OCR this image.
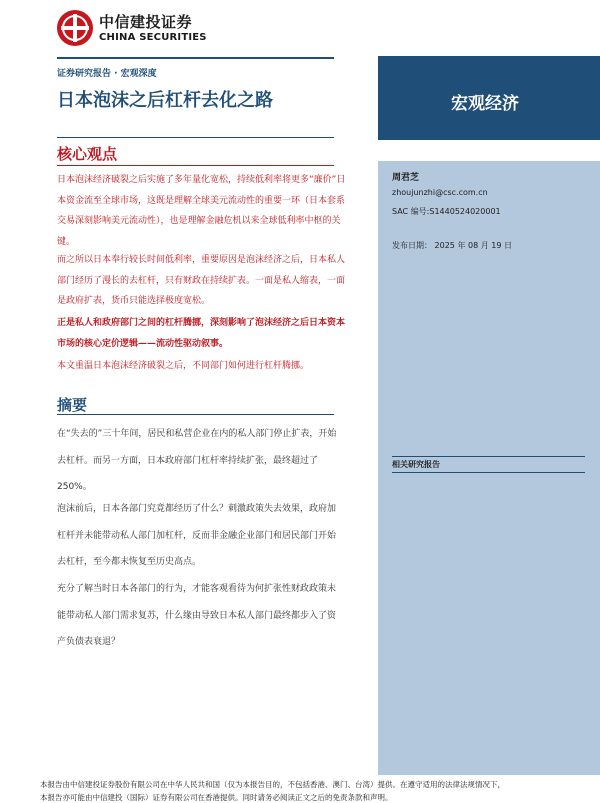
中信建投证券
CHINA SECURITIES
证券研究报告 · 宏观深度
日本泡沫之后杠杆去化之路	宏观经济
核心观点

日本泡沫经济破裂之后实施了多年量化宽松，持续低利率将更多“廉价”日本资金流至全球市场，这既是理解全球美元流动性的重要一环（日本套系交易深刻影响美元流动性），也是理解金融危机以来全球低利率中枢的关键。

而之所以日本奉行较长时间低利率，重要原因是泡沫经济之后，日本私人部门经历了漫长的去杠杆，只有财政在持续扩表。一面是私人缩表，一面是政府扩表，货币只能选择极度宽松。

正是私人和政府部门之间的杠杆腾挪，深刻影响了泡沫经济之后日本资本市场的核心定价逻辑——流动性驱动叙事。

本文重温日本泡沫经济破裂之后，不同部门如何进行杠杆腾挪。

摘要

在“失去的”三十年间，居民和私营企业在内的私人部门停止扩表，开始去杠杆。而另一方面，日本政府部门杠杆率持续扩张，最终超过了250%。

泡沫前后，日本各部门究竟都经历了什么？刺激政策失去效果，政府加杠杆并未能带动私人部门加杠杆，反而非金融企业部门和居民部门开始去杠杆，至今都未恢复至历史高点。

充分了解当时日本各部门的行为，才能客观看待为何扩张性财政政策未能带动私人部门需求复苏，什么缘由导致日本私人部门最终都步入了资产负债表衰退？

周君芝
zhoujunzhi@csc.com.cn
SAC 编号:S1440524020001
发布日期： 2025 年 08 月 19 日
相关研究报告
本报告由中信建投证券股份有限公司在中华人民共和国（仅为本报告目的，不包括香港、澳门、台湾）提供。在遵守适用的法律法规情况下，
本报告亦可能由中信建投（国际）证券有限公司在香港提供。同时请务必阅读正文之后的免责条款和声明。
